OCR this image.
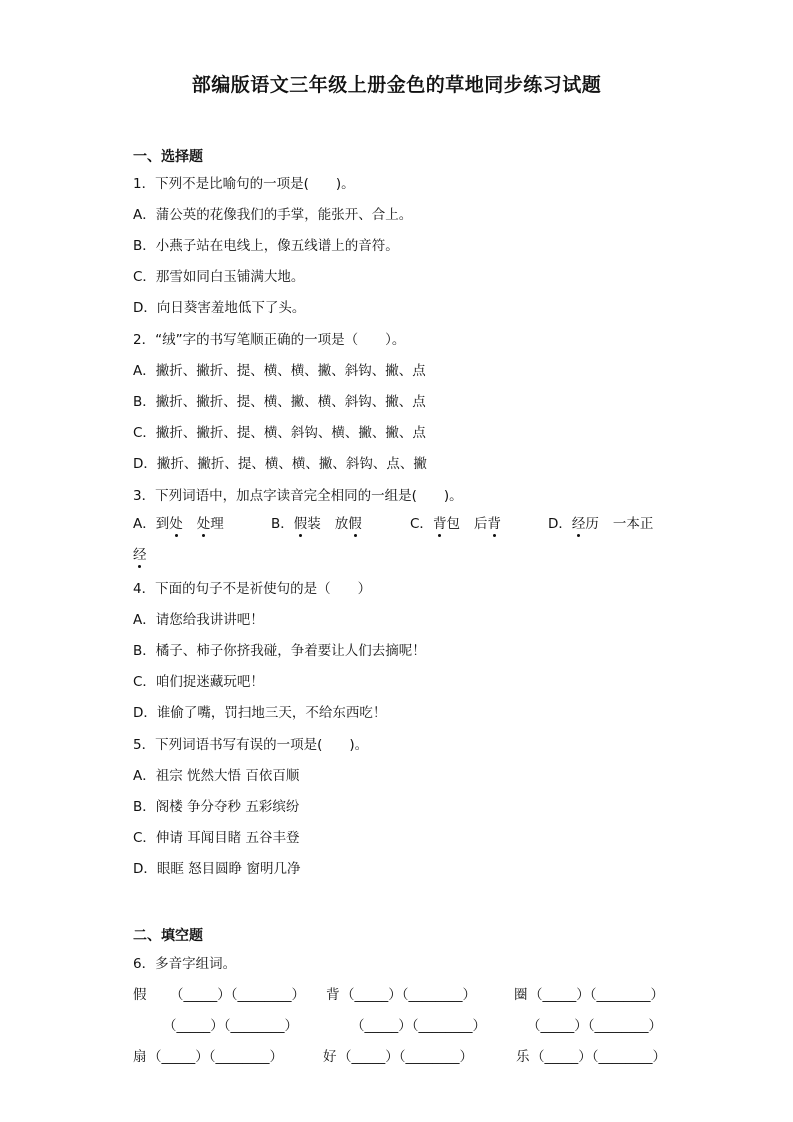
部编版语文三年级上册金色的草地同步练习试题
一、选择题
1．下列不是比喻句的一项是(　　)。
A．蒲公英的花像我们的手掌，能张开、合上。
B．小燕子站在电线上，像五线谱上的音符。
C．那雪如同白玉铺满大地。
D．向日葵害羞地低下了头。
2．“绒”字的书写笔顺正确的一项是（　　）。
A．撇折、撇折、提、横、横、撇、斜钩、撇、点
B．撇折、撇折、提、横、撇、横、斜钩、撇、点
C．撇折、撇折、提、横、斜钩、横、撇、撇、点
D．撇折、撇折、提、横、横、撇、斜钩、点、撇
3．下列词语中，加点字读音完全相同的一组是(　　)。
A．到处 处理	B．假装 放假	C．背包 后背	D．经历 一本正
经
4．下面的句子不是祈使句的是（　　）
A．请您给我讲讲吧！
B．橘子、柿子你挤我碰，争着要让人们去摘呢！
C．咱们捉迷藏玩吧！
D．谁偷了嘴，罚扫地三天，不给东西吃！
5．下列词语书写有误的一项是(　　)。
A．祖宗 恍然大悟 百依百顺
B．阁楼 争分夺秒 五彩缤纷
C．伸请 耳闻目睹 五谷丰登
D．眼眶 怒目圆睁 窗明几净
二、填空题
6．多音字组词。
假 （_____）（________） 背 （_____）（________）	圈 （_____）（________）
（_____）（________）	（_____）（________）	（_____）（________）
扇 （_____）（________）	好 （_____）（________）	乐 （_____）（________）
